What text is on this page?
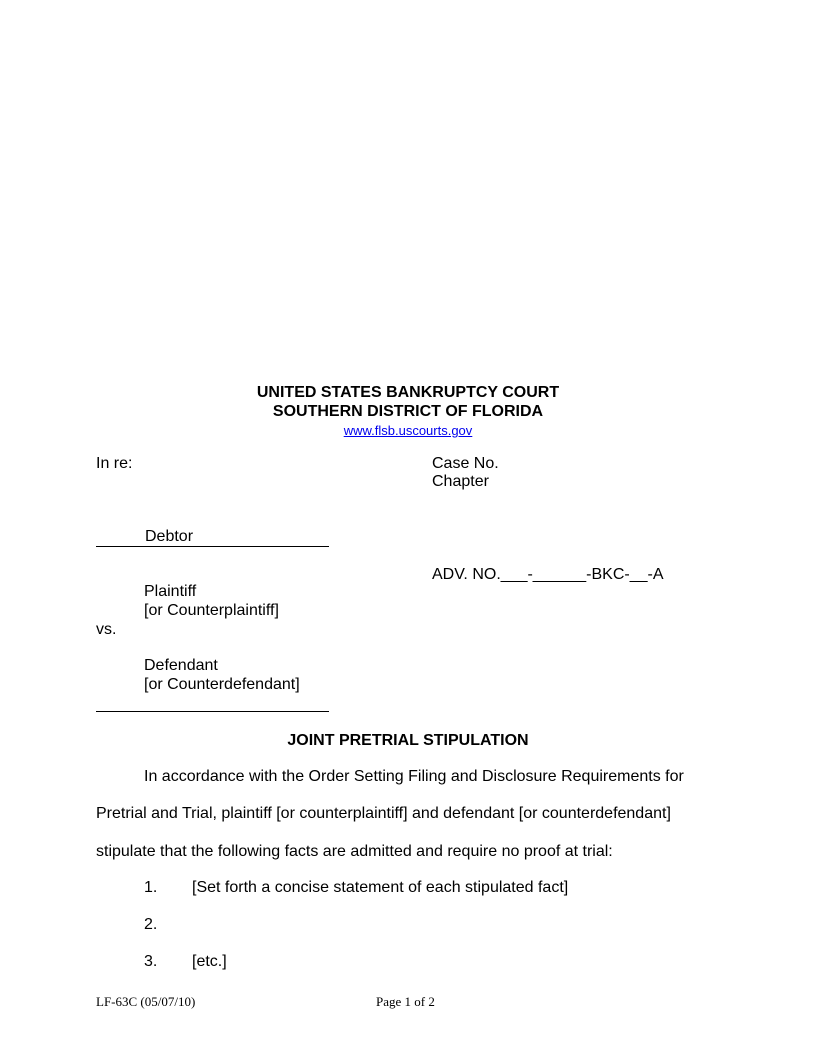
UNITED STATES BANKRUPTCY COURT
SOUTHERN DISTRICT OF FLORIDA
www.flsb.uscourts.gov
In re:
Debtor
Plaintiff
[or Counterplaintiff]
vs.
Defendant
[or Counterdefendant]
Case No.
Chapter
ADV. NO.___-______-BKC-__-A
JOINT PRETRIAL STIPULATION
In accordance with the Order Setting Filing and Disclosure Requirements for
Pretrial and Trial, plaintiff [or counterplaintiff] and defendant [or counterdefendant]
stipulate that the following facts are admitted and require no proof at trial:
1. [Set forth a concise statement of each stipulated fact]
2.
3. [etc.]
LF-63C (05/07/10)	Page 1 of 2
